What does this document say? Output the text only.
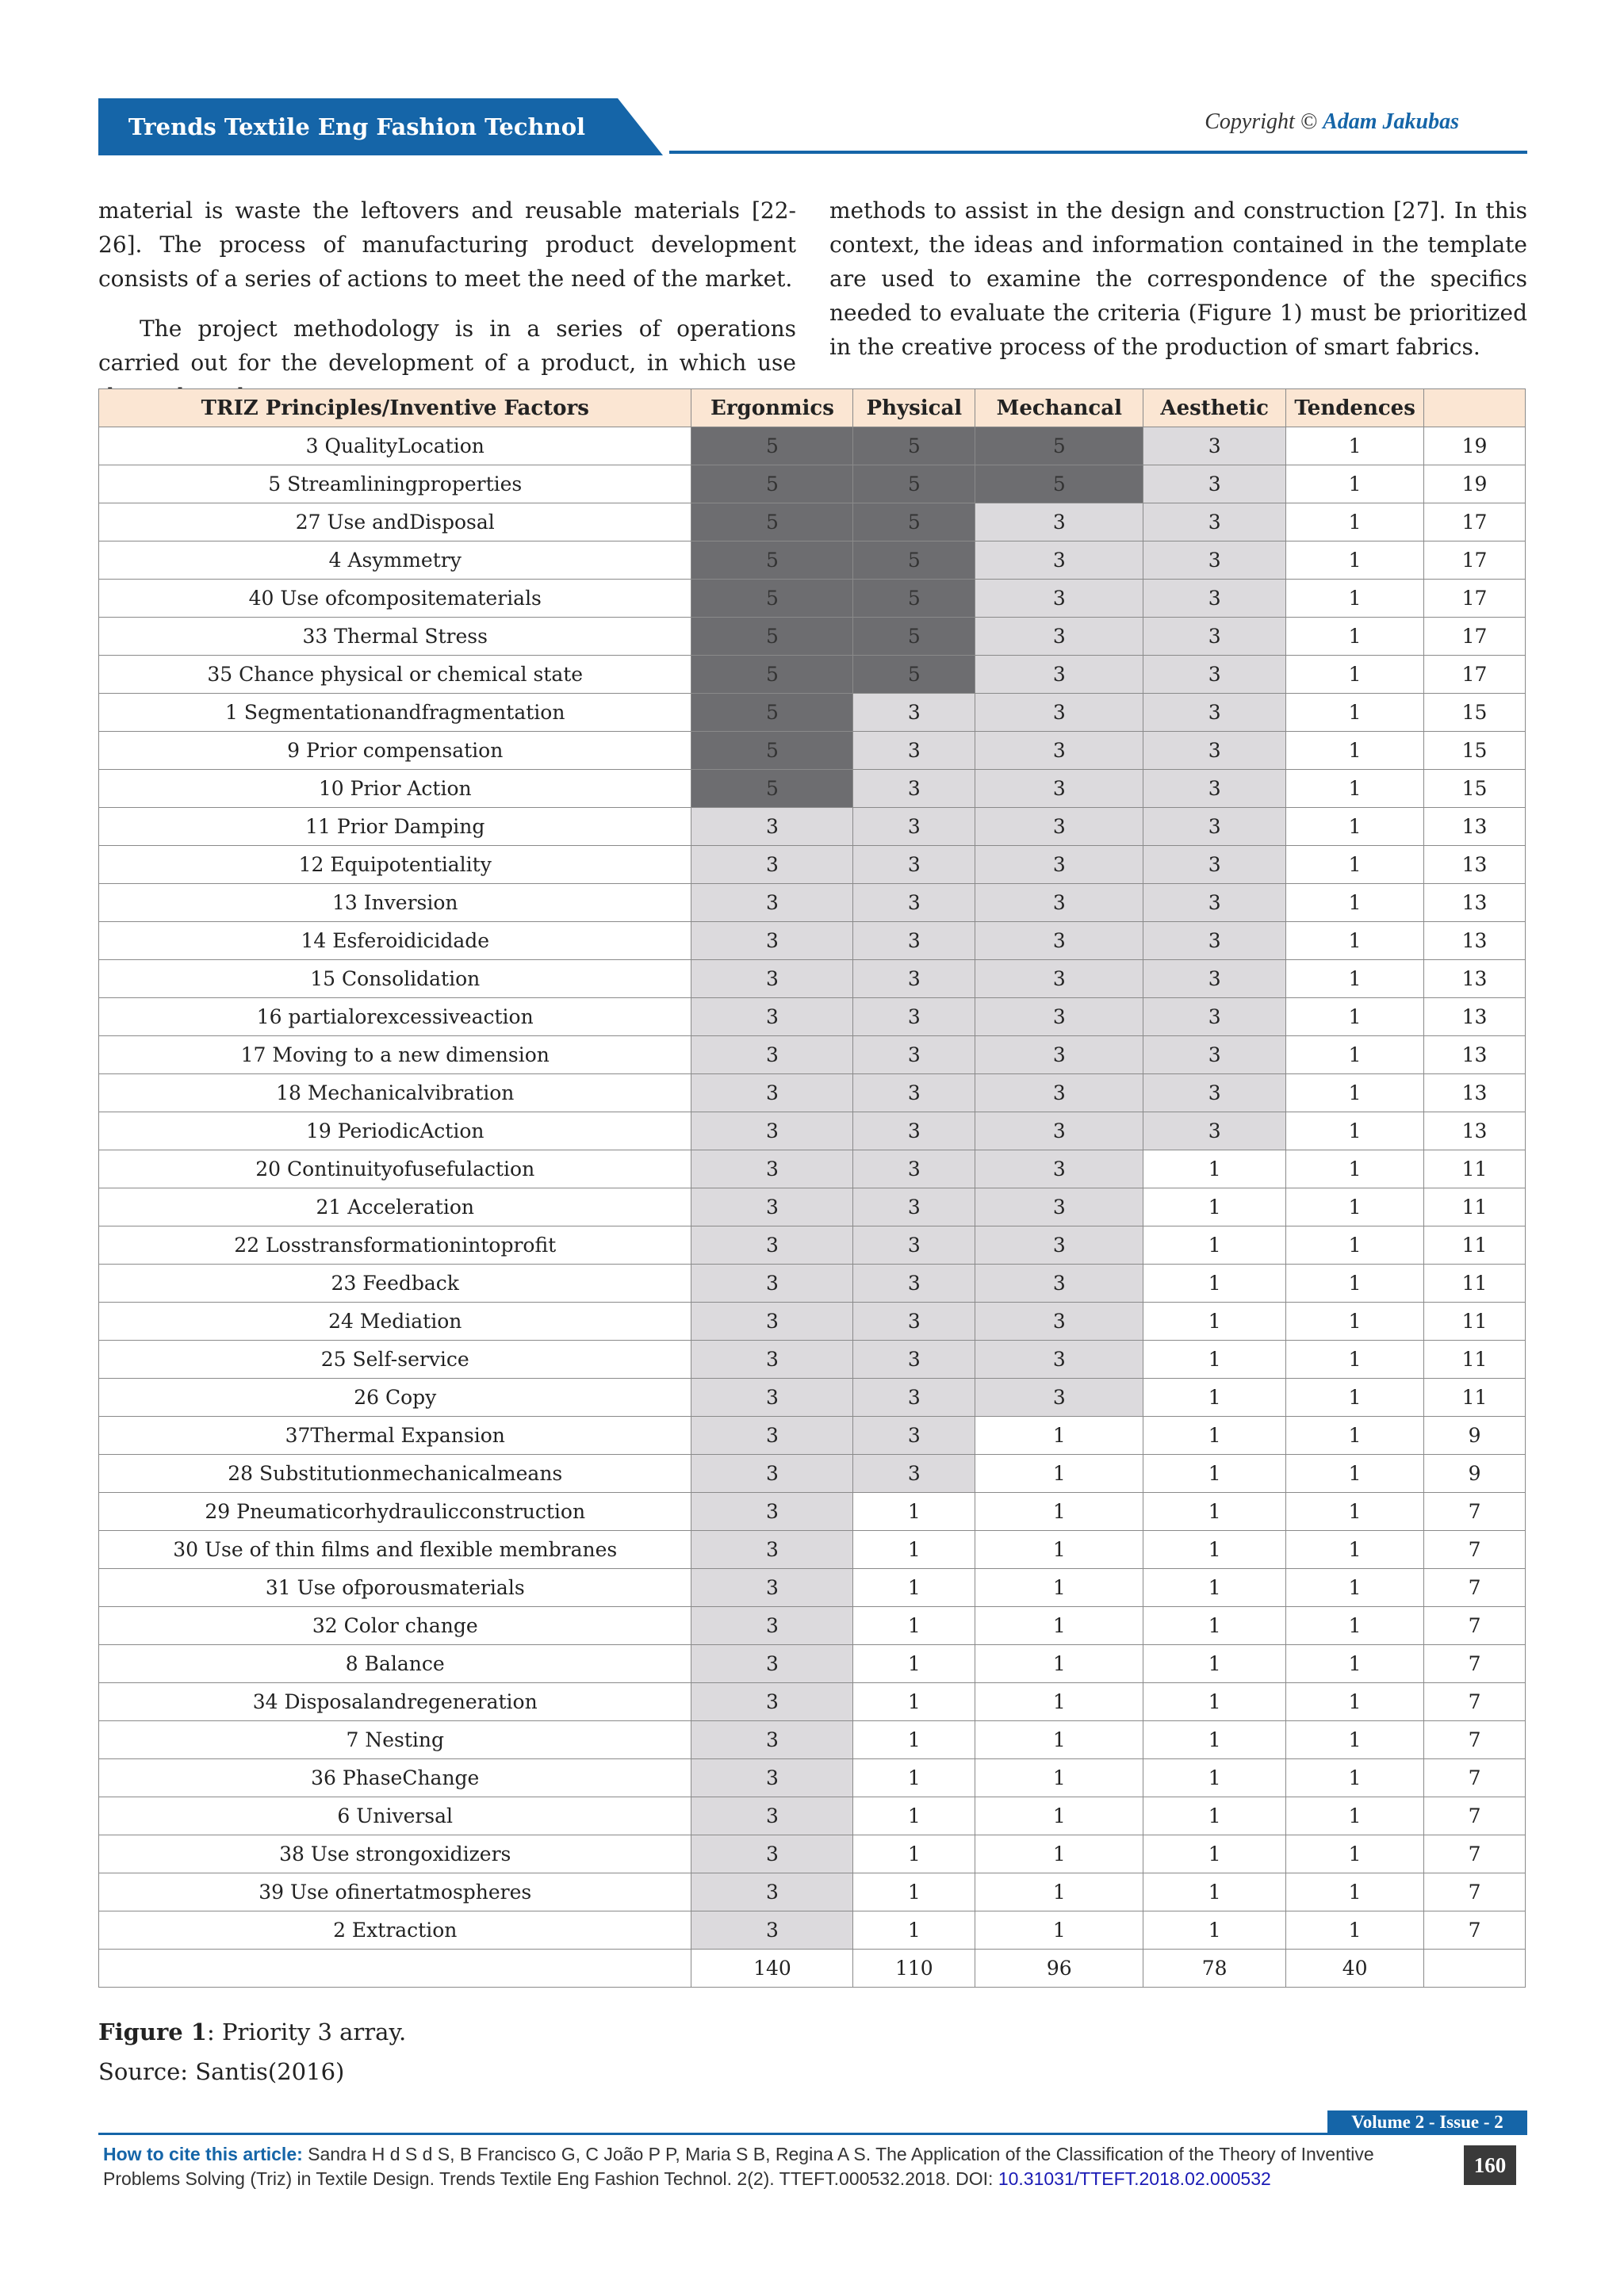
Trends Textile Eng Fashion Technol	Copyright © Adam Jakubas

material is waste the leftovers and reusable materials [22-26]. The process of manufacturing product development consists of a series of actions to meet the need of the market.

The project methodology is in a series of operations carried out for the development of a product, in which use

methods to assist in the design and construction [27]. In this context, the ideas and information contained in the template are used to examine the correspondence of the specifics needed to evaluate the criteria (Figure 1) must be prioritized in the creative process of the production of smart fabrics.

TRIZ Principles/Inventive Factors	Ergonmics	Physical	Mechancal	Aesthetic	Tendences	
3 QualityLocation	5	5	5	3	1	19
5 Streamliningproperties	5	5	5	3	1	19
27 Use andDisposal	5	5	3	3	1	17
4 Asymmetry	5	5	3	3	1	17
40 Use ofcompositematerials	5	5	3	3	1	17
33 Thermal Stress	5	5	3	3	1	17
35 Chance physical or chemical state	5	5	3	3	1	17
1 Segmentationandfragmentation	5	3	3	3	1	15
9 Prior compensation	5	3	3	3	1	15
10 Prior Action	5	3	3	3	1	15
11 Prior Damping	3	3	3	3	1	13
12 Equipotentiality	3	3	3	3	1	13
13 Inversion	3	3	3	3	1	13
14 Esferoidicidade	3	3	3	3	1	13
15 Consolidation	3	3	3	3	1	13
16 partialorexcessiveaction	3	3	3	3	1	13
17 Moving to a new dimension	3	3	3	3	1	13
18 Mechanicalvibration	3	3	3	3	1	13
19 PeriodicAction	3	3	3	3	1	13
20 Continuityofusefulaction	3	3	3	1	1	11
21 Acceleration	3	3	3	1	1	11
22 Losstransformationintoprofit	3	3	3	1	1	11
23 Feedback	3	3	3	1	1	11
24 Mediation	3	3	3	1	1	11
25 Self-service	3	3	3	1	1	11
26 Copy	3	3	3	1	1	11
37Thermal Expansion	3	3	1	1	1	9
28 Substitutionmechanicalmeans	3	3	1	1	1	9
29 Pneumaticorhydraulicconstruction	3	1	1	1	1	7
30 Use of thin films and flexible membranes	3	1	1	1	1	7
31 Use ofporousmaterials	3	1	1	1	1	7
32 Color change	3	1	1	1	1	7
8 Balance	3	1	1	1	1	7
34 Disposalandregeneration	3	1	1	1	1	7
7 Nesting	3	1	1	1	1	7
36 PhaseChange	3	1	1	1	1	7
6 Universal	3	1	1	1	1	7
38 Use strongoxidizers	3	1	1	1	1	7
39 Use ofinertatmospheres	3	1	1	1	1	7
2 Extraction	3	1	1	1	1	7
	140	110	96	78	40	
Figure 1: Priority 3 array.
Source: Santis(2016)
Volume 2 - Issue - 2
How to cite this article: Sandra H d S d S, B Francisco G, C João P P, Maria S B, Regina A S. The Application of the Classification of the Theory of Inventive Problems Solving (Triz) in Textile Design. Trends Textile Eng Fashion Technol. 2(2). TTEFT.000532.2018. DOI: 10.31031/TTEFT.2018.02.000532
160
